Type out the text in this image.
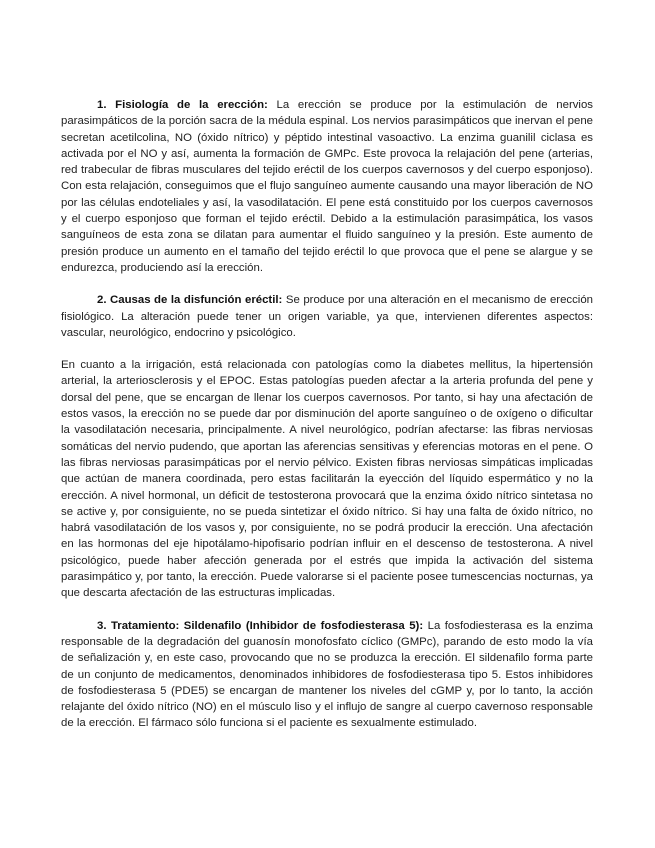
1. Fisiología de la erección: La erección se produce por la estimulación de nervios parasimpáticos de la porción sacra de la médula espinal. Los nervios parasimpáticos que inervan el pene secretan acetilcolina, NO (óxido nítrico) y péptido intestinal vasoactivo. La enzima guanilil ciclasa es activada por el NO y así, aumenta la formación de GMPc. Este provoca la relajación del pene (arterias, red trabecular de fibras musculares del tejido eréctil de los cuerpos cavernosos y del cuerpo esponjoso). Con esta relajación, conseguimos que el flujo sanguíneo aumente causando una mayor liberación de NO por las células endoteliales y así, la vasodilatación. El pene está constituido por los cuerpos cavernosos y el cuerpo esponjoso que forman el tejido eréctil. Debido a la estimulación parasimpática, los vasos sanguíneos de esta zona se dilatan para aumentar el fluido sanguíneo y la presión. Este aumento de presión produce un aumento en el tamaño del tejido eréctil lo que provoca que el pene se alargue y se endurezca, produciendo así la erección.

2. Causas de la disfunción eréctil: Se produce por una alteración en el mecanismo de erección fisiológico. La alteración puede tener un origen variable, ya que, intervienen diferentes aspectos: vascular, neurológico, endocrino y psicológico.

En cuanto a la irrigación, está relacionada con patologías como la diabetes mellitus, la hipertensión arterial, la arteriosclerosis y el EPOC. Estas patologías pueden afectar a la arteria profunda del pene y dorsal del pene, que se encargan de llenar los cuerpos cavernosos. Por tanto, si hay una afectación de estos vasos, la erección no se puede dar por disminución del aporte sanguíneo o de oxígeno o dificultar la vasodilatación necesaria, principalmente. A nivel neurológico, podrían afectarse: las fibras nerviosas somáticas del nervio pudendo, que aportan las aferencias sensitivas y eferencias motoras en el pene. O las fibras nerviosas parasimpáticas por el nervio pélvico. Existen fibras nerviosas simpáticas implicadas que actúan de manera coordinada, pero estas facilitarán la eyección del líquido espermático y no la erección. A nivel hormonal, un déficit de testosterona provocará que la enzima óxido nítrico sintetasa no se active y, por consiguiente, no se pueda sintetizar el óxido nítrico. Si hay una falta de óxido nítrico, no habrá vasodilatación de los vasos y, por consiguiente, no se podrá producir la erección. Una afectación en las hormonas del eje hipotálamo-hipofisario podrían influir en el descenso de testosterona. A nivel psicológico, puede haber afección generada por el estrés que impida la activación del sistema parasimpático y, por tanto, la erección. Puede valorarse si el paciente posee tumescencias nocturnas, ya que descarta afectación de las estructuras implicadas.

3. Tratamiento: Sildenafilo (Inhibidor de fosfodiesterasa 5): La fosfodiesterasa es la enzima responsable de la degradación del guanosín monofosfato cíclico (GMPc), parando de esto modo la vía de señalización y, en este caso, provocando que no se produzca la erección. El sildenafilo forma parte de un conjunto de medicamentos, denominados inhibidores de fosfodiesterasa tipo 5. Estos inhibidores de fosfodiesterasa 5 (PDE5) se encargan de mantener los niveles del cGMP y, por lo tanto, la acción relajante del óxido nítrico (NO) en el músculo liso y el influjo de sangre al cuerpo cavernoso responsable de la erección. El fármaco sólo funciona si el paciente es sexualmente estimulado.
